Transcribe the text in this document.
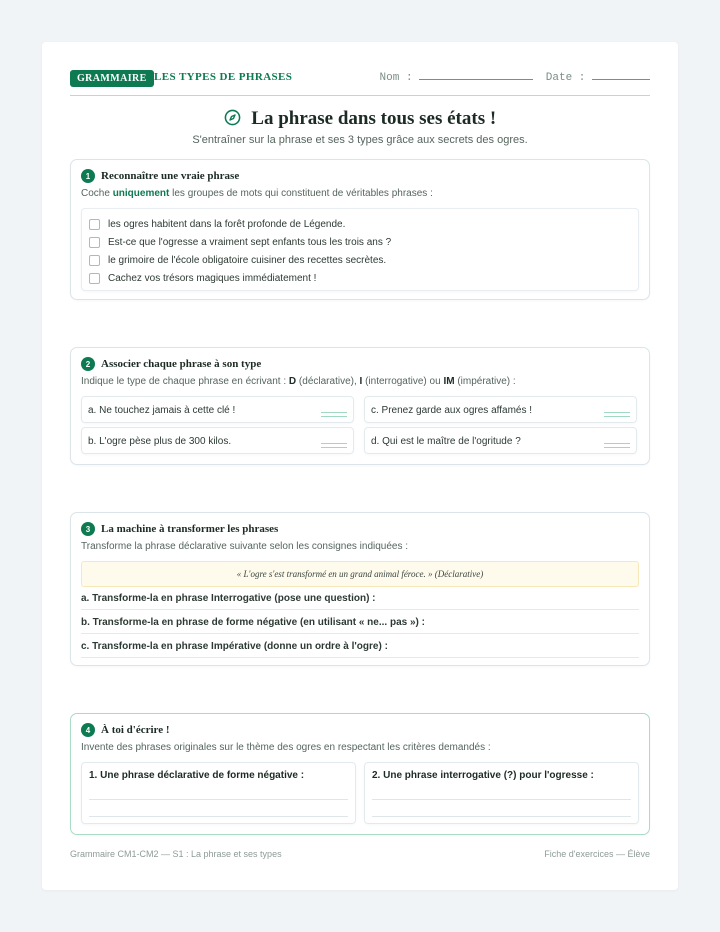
GRAMMAIRE LES TYPES DE PHRASES	Nom :	Date :
La phrase dans tous ses états !
S'entraîner sur la phrase et ses 3 types grâce aux secrets des ogres.
1 Reconnaître une vraie phrase
Coche uniquement les groupes de mots qui constituent de véritables phrases :
les ogres habitent dans la forêt profonde de Légende.
Est-ce que l'ogresse a vraiment sept enfants tous les trois ans ?
le grimoire de l'école obligatoire cuisiner des recettes secrètes.
Cachez vos trésors magiques immédiatement !
2 Associer chaque phrase à son type
Indique le type de chaque phrase en écrivant : D (déclarative), I (interrogative) ou IM (impérative) :
a. Ne touchez jamais à cette clé !	c. Prenez garde aux ogres affamés !
b. L'ogre pèse plus de 300 kilos.	d. Qui est le maître de l'ogritude ?
3 La machine à transformer les phrases
Transforme la phrase déclarative suivante selon les consignes indiquées :
« L'ogre s'est transformé en un grand animal féroce. » (Déclarative)
a. Transforme-la en phrase Interrogative (pose une question) :
b. Transforme-la en phrase de forme négative (en utilisant « ne... pas ») :
c. Transforme-la en phrase Impérative (donne un ordre à l'ogre) :
4 À toi d'écrire !
Invente des phrases originales sur le thème des ogres en respectant les critères demandés :
1. Une phrase déclarative de forme négative :	2. Une phrase interrogative (?) pour l'ogresse :
Grammaire CM1-CM2 — S1 : La phrase et ses types	Fiche d'exercices — Élève
